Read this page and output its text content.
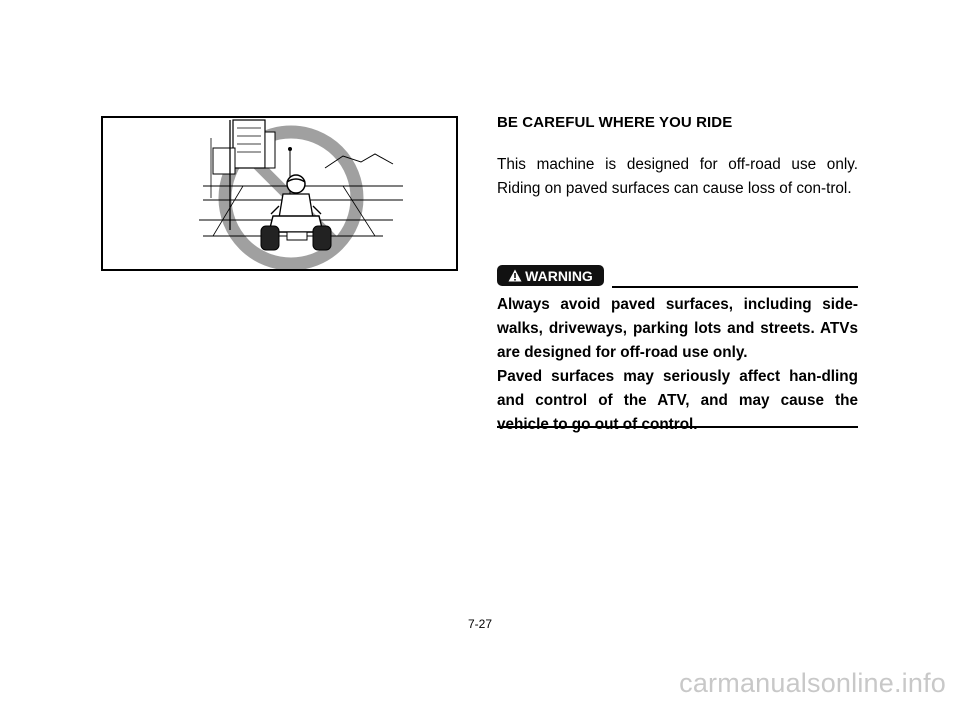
BE CAREFUL WHERE YOU RIDE
This machine is designed for off-road use only. Riding on paved surfaces can cause loss of con-trol.
WARNING

Always avoid paved surfaces, including side-walks, driveways, parking lots and streets. ATVs are designed for off-road use only.

Paved surfaces may seriously affect han-dling and control of the ATV, and may cause the vehicle to go out of control.

7-27
carmanualsonline.info
